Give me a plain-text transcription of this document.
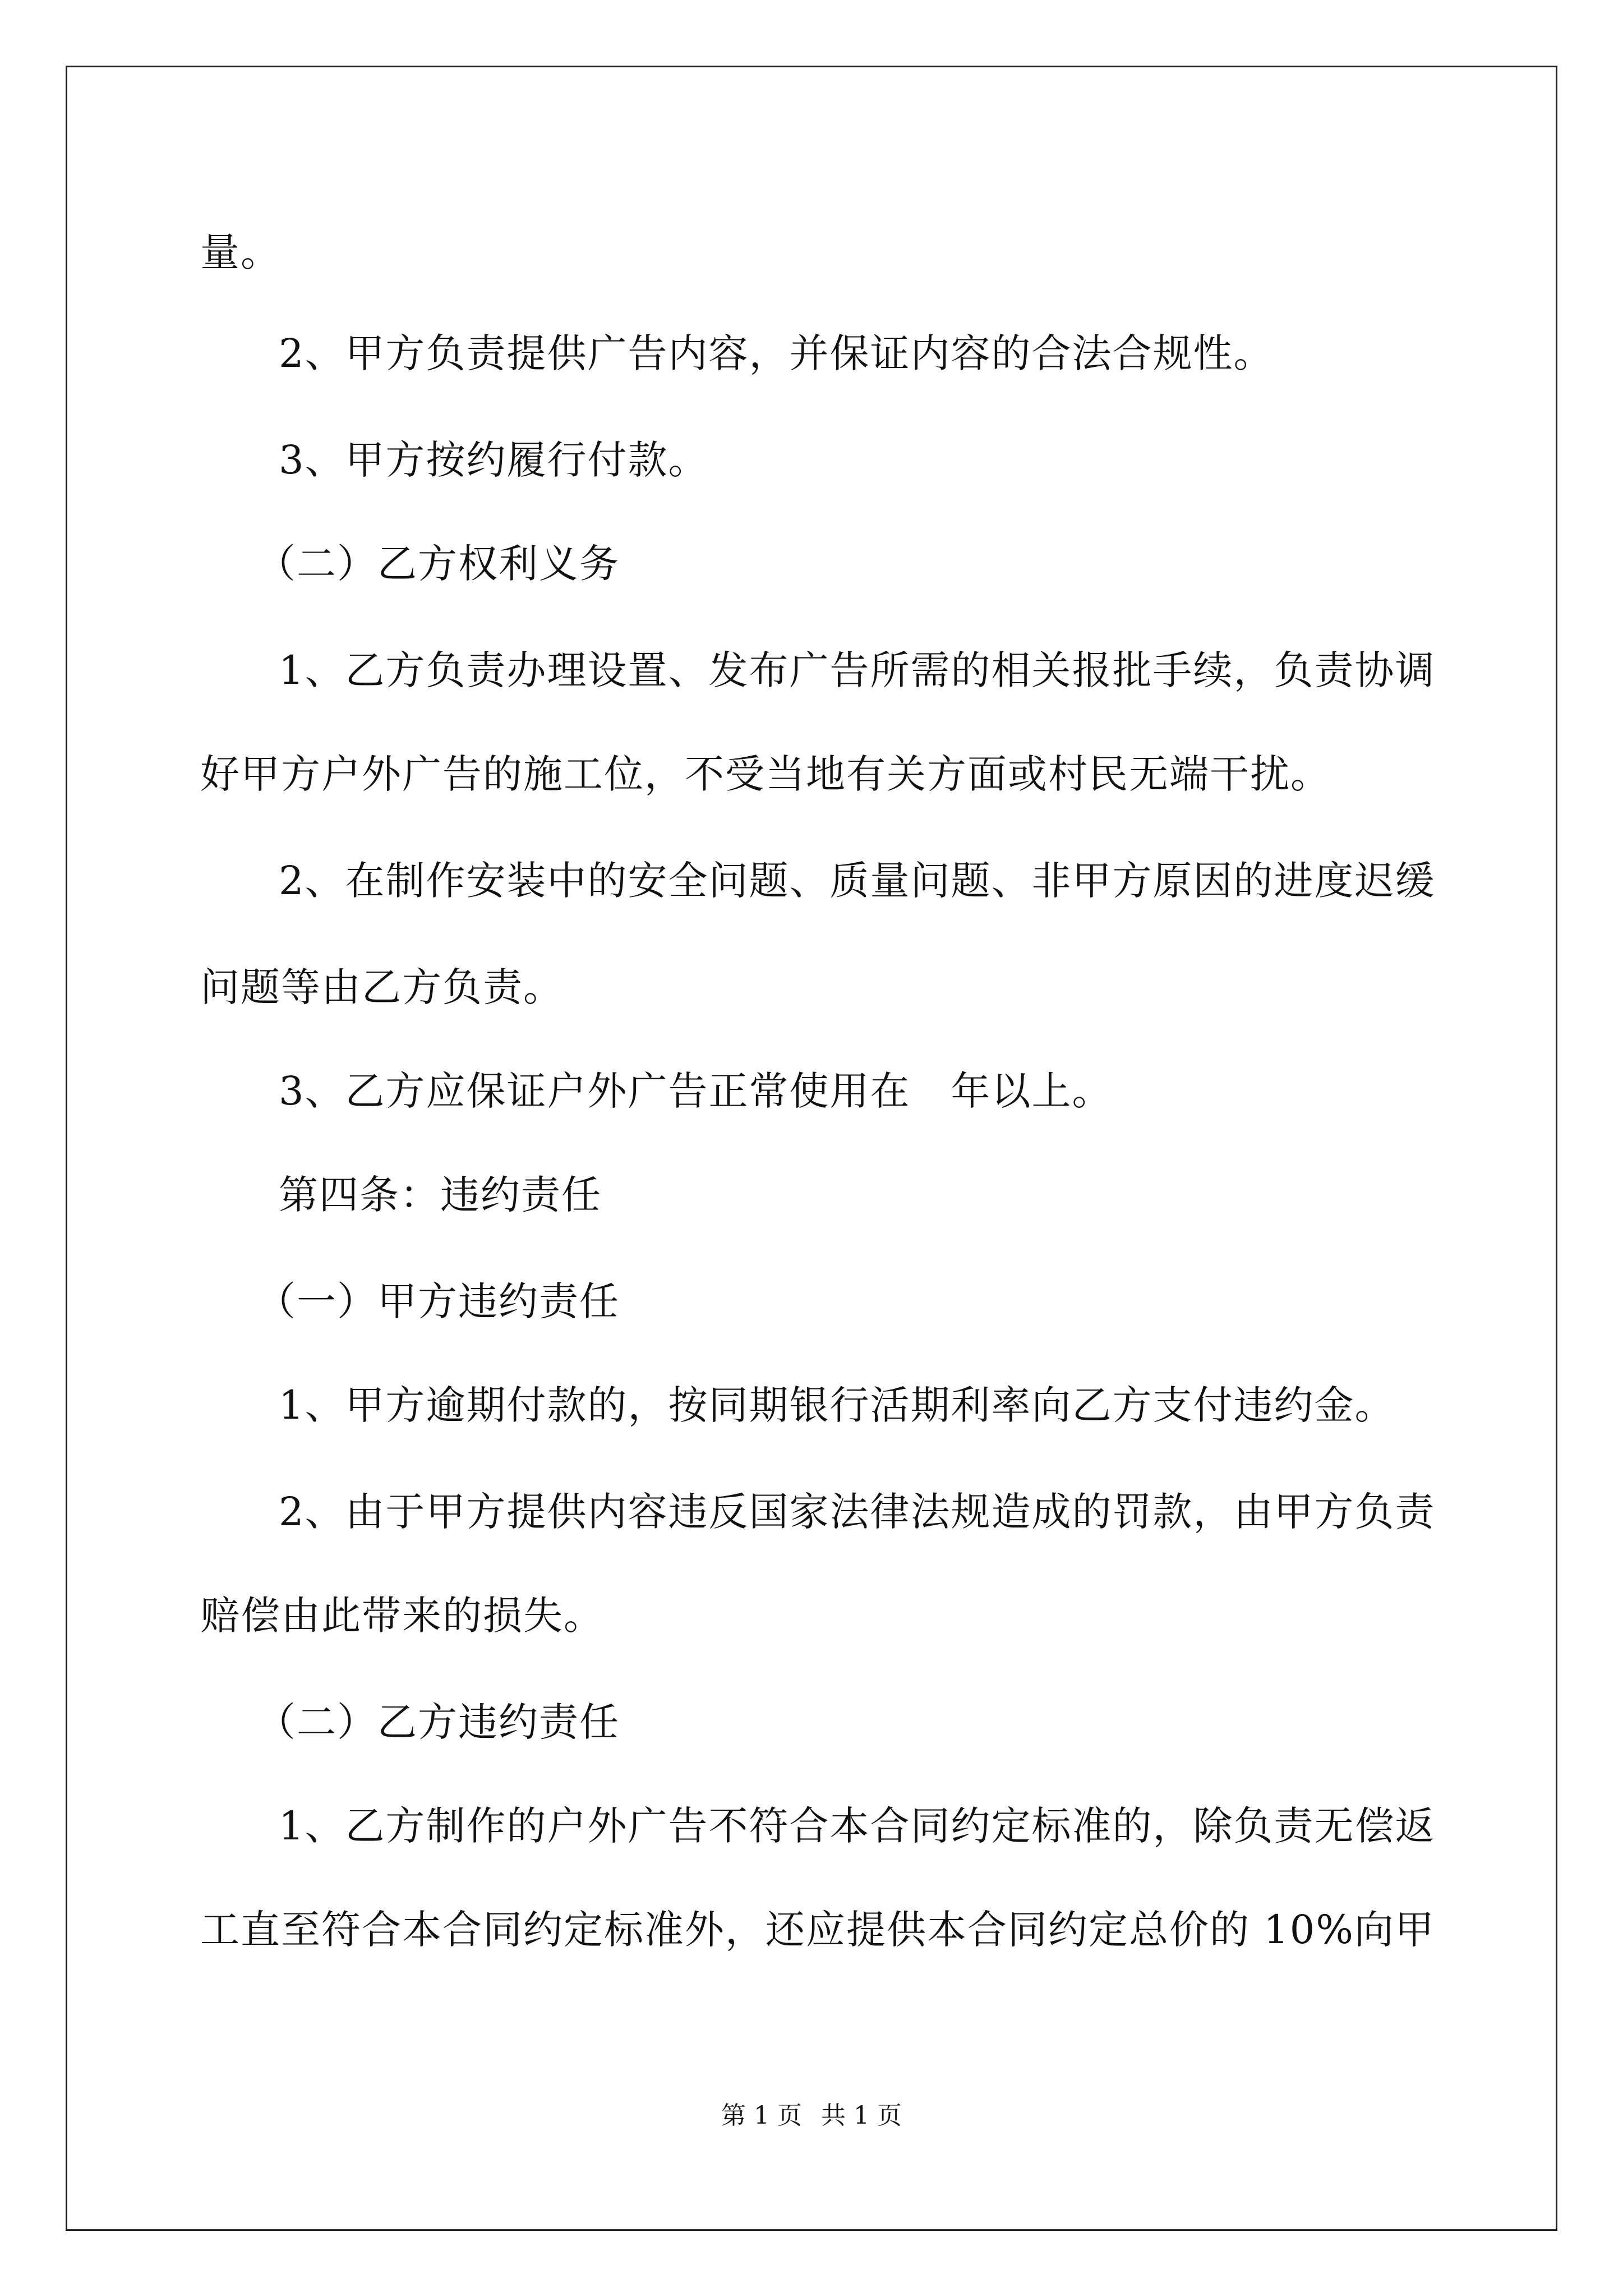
量。
2、甲方负责提供广告内容，并保证内容的合法合规性。
3、甲方按约履行付款。
（二）乙方权利义务
1、乙方负责办理设置、发布广告所需的相关报批手续，负责协调
好甲方户外广告的施工位，不受当地有关方面或村民无端干扰。
2、在制作安装中的安全问题、质量问题、非甲方原因的进度迟缓
问题等由乙方负责。
3、乙方应保证户外广告正常使用在　年以上。
第四条：违约责任
（一）甲方违约责任
1、甲方逾期付款的，按同期银行活期利率向乙方支付违约金。
2、由于甲方提供内容违反国家法律法规造成的罚款，由甲方负责
赔偿由此带来的损失。
（二）乙方违约责任
1、乙方制作的户外广告不符合本合同约定标准的，除负责无偿返
工直至符合本合同约定标准外，还应提供本合同约定总价的 10%向甲
第 1 页 共 1 页
